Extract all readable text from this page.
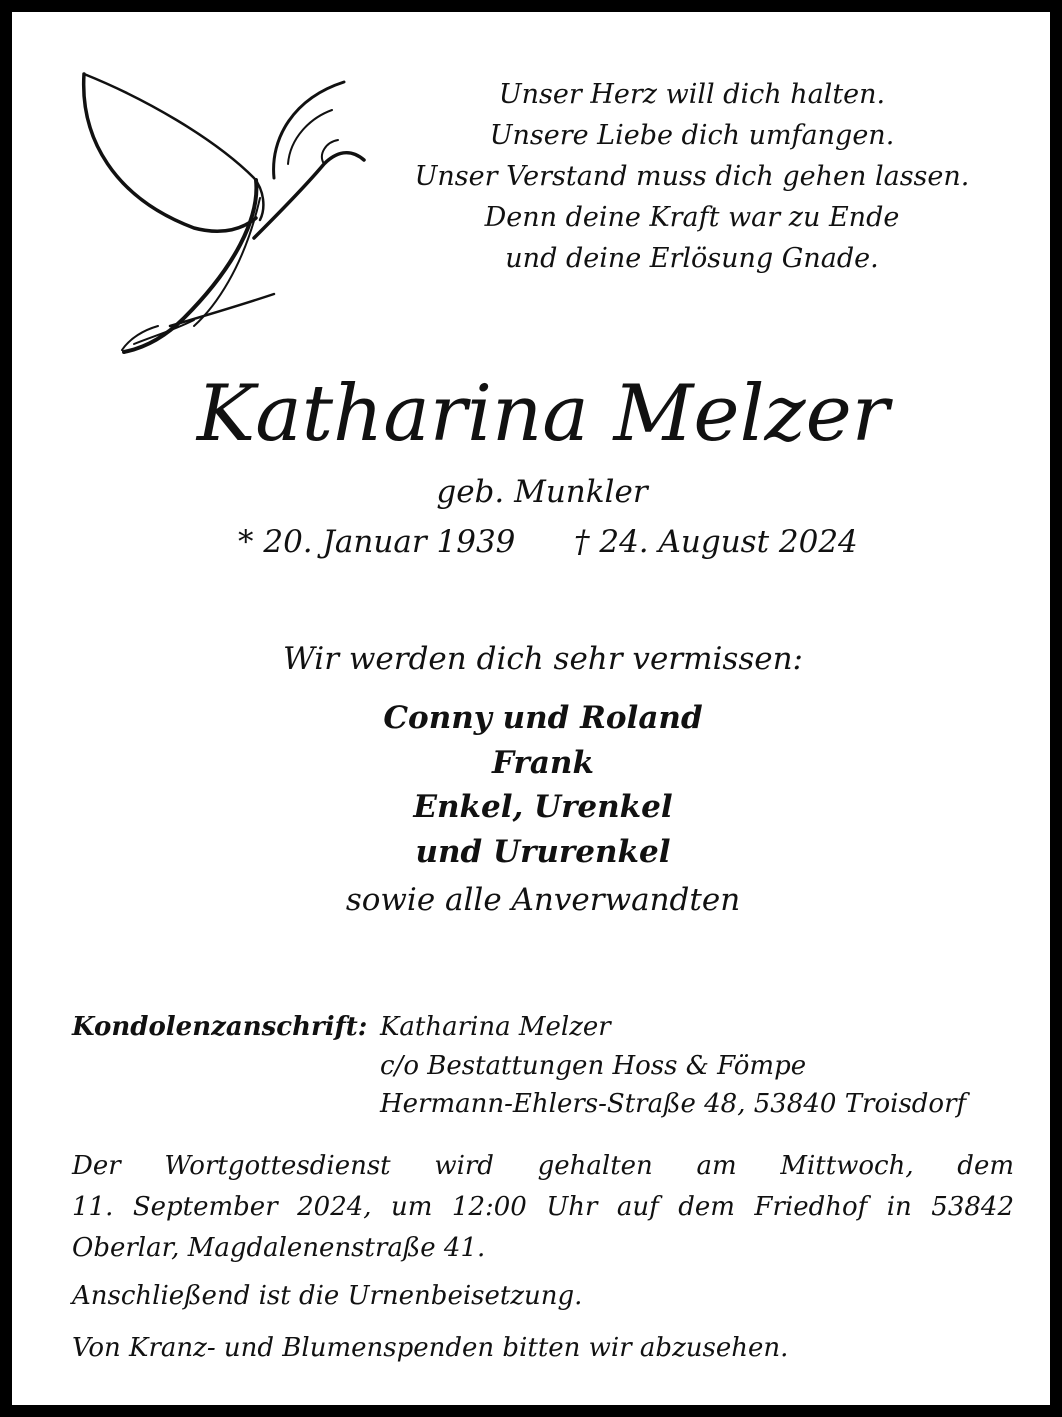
Unser Herz will dich halten.
Unsere Liebe dich umfangen.
Unser Verstand muss dich gehen lassen.
Denn deine Kraft war zu Ende
und deine Erlösung Gnade.
Katharina Melzer
geb. Munkler
* 20. Januar 1939 † 24. August 2024
Wir werden dich sehr vermissen:
Conny und Roland
Frank
Enkel, Urenkel
und Ururenkel
sowie alle Anverwandten
Kondolenzanschrift: Katharina Melzer
c/o Bestattungen Hoss & Fömpe
Hermann-Ehlers-Straße 48, 53840 Troisdorf
Der Wortgottesdienst wird gehalten am Mittwoch, dem
11. September 2024, um 12:00 Uhr auf dem Friedhof in 53842
Oberlar, Magdalenenstraße 41.
Anschließend ist die Urnenbeisetzung.
Von Kranz- und Blumenspenden bitten wir abzusehen.
